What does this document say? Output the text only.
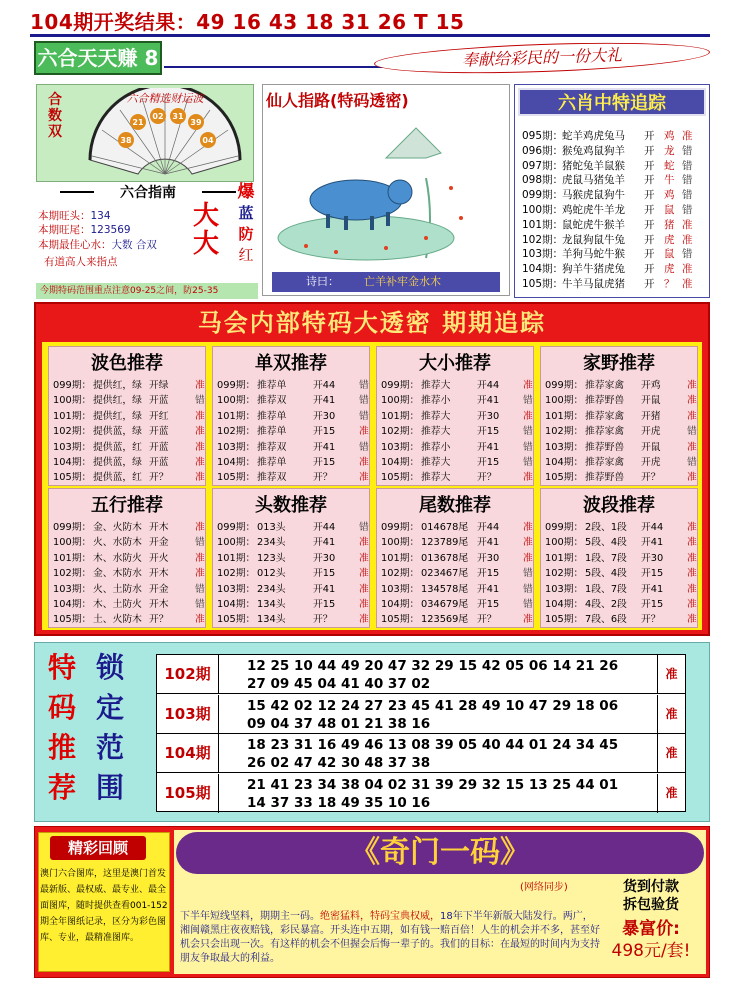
104期开奖结果：49 16 43 18 31 26 T 15
六合天天赚 8	奉献给彩民的一份大礼
合数双
六合精选财运波
38
21
02 31
39
04
六合指南
本期旺头：134
本期旺尾：123569
本期最佳心水：大数 合双
有道高人来指点
大大
爆
蓝
防
红
今期特码范围重点注意09-25之间，防25-35
仙人指路(特码透密)
诗曰： 亡羊补牢金水木
六肖中特追踪
095期：
蛇羊鸡虎兔马 开 鸡 准
096期：
猴兔鸡鼠狗羊 开 龙 错
097期：
猪蛇兔羊鼠猴 开 蛇 错
098期：
虎鼠马猪兔羊 开 牛 错
099期：
马猴虎鼠狗牛 开 鸡 错
100期：
鸡蛇虎牛羊龙 开 鼠 错
101期：
鼠蛇虎牛猴羊 开 猪 准
102期：
龙鼠狗鼠牛兔 开 虎 准
103期：
羊狗马蛇牛猴 开 鼠 错
104期：
狗羊牛猪虎兔 开 虎 准
105期：
牛羊马鼠虎猪 开 ？ 准
马会内部特码大透密 期期追踪
波色推荐
099期： 提供红，绿 开绿	准
100期： 提供红，绿 开蓝	错
101期： 提供红，绿 开红	准
102期： 提供蓝，绿 开蓝	准
103期： 提供蓝，红 开蓝	准
104期： 提供蓝，绿 开蓝	准
105期： 提供蓝，红 开？	准
单双推荐
099期： 推荐单	开44 错
100期： 推荐双	开41 错
101期： 推荐单	开30 错
102期： 推荐单	开15 准
103期： 推荐双	开41 错
104期： 推荐单	开15 准
105期： 推荐双	开？	准
大小推荐
099期： 推荐大	开44 准
100期： 推荐小	开41 错
101期： 推荐大	开30 准
102期： 推荐大	开15 错
103期： 推荐小	开41 错
104期： 推荐大	开15 错
105期： 推荐大	开？	准
家野推荐
099期： 推荐家禽 开鸡	准
100期： 推荐野兽 开鼠	准
101期： 推荐家禽 开猪	准
102期： 推荐家禽 开虎	错
103期： 推荐野兽 开鼠	准
104期： 推荐家禽 开虎	错
105期： 推荐野兽 开？	准
五行推荐
099期： 金、火防木 开木	准
100期： 火、水防木 开金	错
101期： 木、水防火 开火	准
102期： 金、木防水 开木	准
103期： 火、土防水 开金	错
104期： 木、土防火 开木	错
105期： 土、火防木 开？	准
头数推荐
099期： 013头	开44 错
100期： 234头	开41 准
101期： 123头	开30 准
102期： 012头	开15 准
103期： 234头	开41 准
104期： 134头	开15 准
105期： 134头	开？	准
尾数推荐
099期： 014678尾 开44 准
100期： 123789尾 开41 准
101期： 013678尾 开30 准
102期： 023467尾 开15 错
103期： 134578尾 开41 错
104期： 034679尾 开15 错
105期： 123569尾 开？	准
波段推荐
099期： 2段、1段 开44 准
100期： 5段、4段 开41 准
101期： 1段、7段 开30 准
102期： 5段、4段 开15 准
103期： 1段、7段 开41 准
104期： 4段、2段 开15 准
105期： 7段、6段 开？	准
特
码
推
荐
锁
定
范
围
102期	12 25 10 44 49 20 47 32 29 15 42 05 06 14 21 26
27 09 45 04 41 40 37 02
准
103期	15 42 02 12 24 27 23 45 41 28 49 10 47 29 18 06
09 04 37 48 01 21 38 16
准
104期	18 23 31 16 49 46 13 08 39 05 40 44 01 24 34 45
26 02 47 42 30 48 37 38
准
105期	21 41 23 34 38 04 02 31 39 29 32 15 13 25 44 01
14 37 33 18 49 35 10 16
准
精彩回顾
澳门六合图库，这里是澳门首发最新版、最权威、最专业、最全面图库，随时提供查看001-152期全年图纸记录，区分为彩色图库、专业，最精准图库。
《奇门一码》
(网络同步)
下半年短线坚料，期期主一码。绝密猛料，特码宝典权威，18年下半年新版大陆发行。两广，湘闽赣黑庄夜夜赔钱，彩民暴富。开头连中五期，如有钱一赔百倍！人生的机会并不多，甚至好机会只会出现一次。有这样的机会不但握会后悔一辈子的。我们的目标：在最短的时间内为支持朋友争取最大的利益。
货到付款
拆包验货
暴富价:
498元/套!
